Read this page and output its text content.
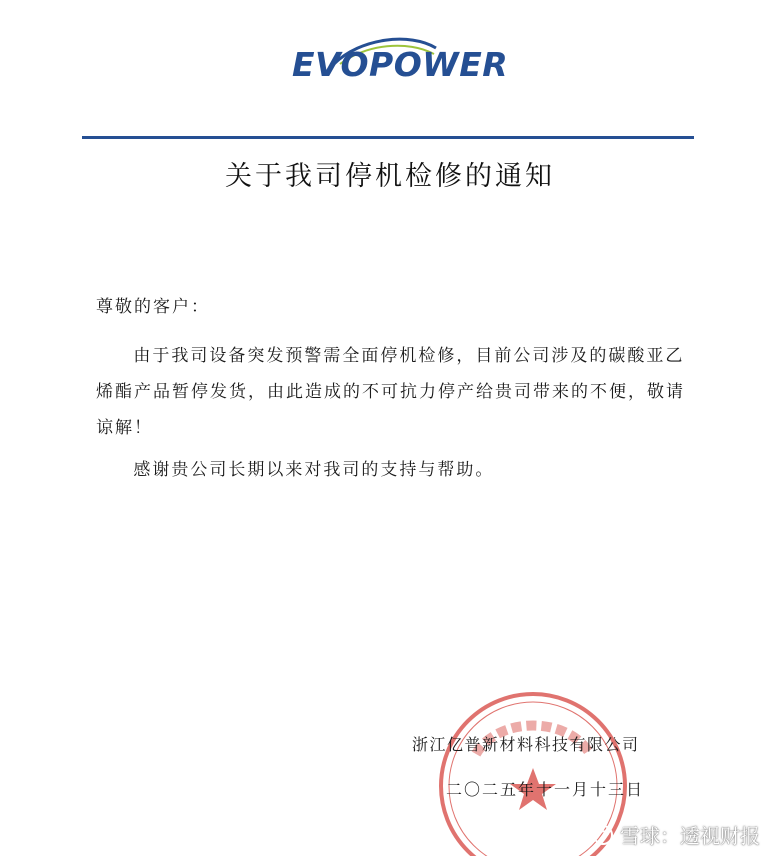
EVOPOWER
关于我司停机检修的通知
尊敬的客户：

由于我司设备突发预警需全面停机检修，目前公司涉及的碳酸亚乙烯酯产品暂停发货，由此造成的不可抗力停产给贵司带来的不便，敬请谅解！

感谢贵公司长期以来对我司的支持与帮助。

浙江亿普新材料科技有限公司
二〇二五年十一月十三日
雪球：透视财报
